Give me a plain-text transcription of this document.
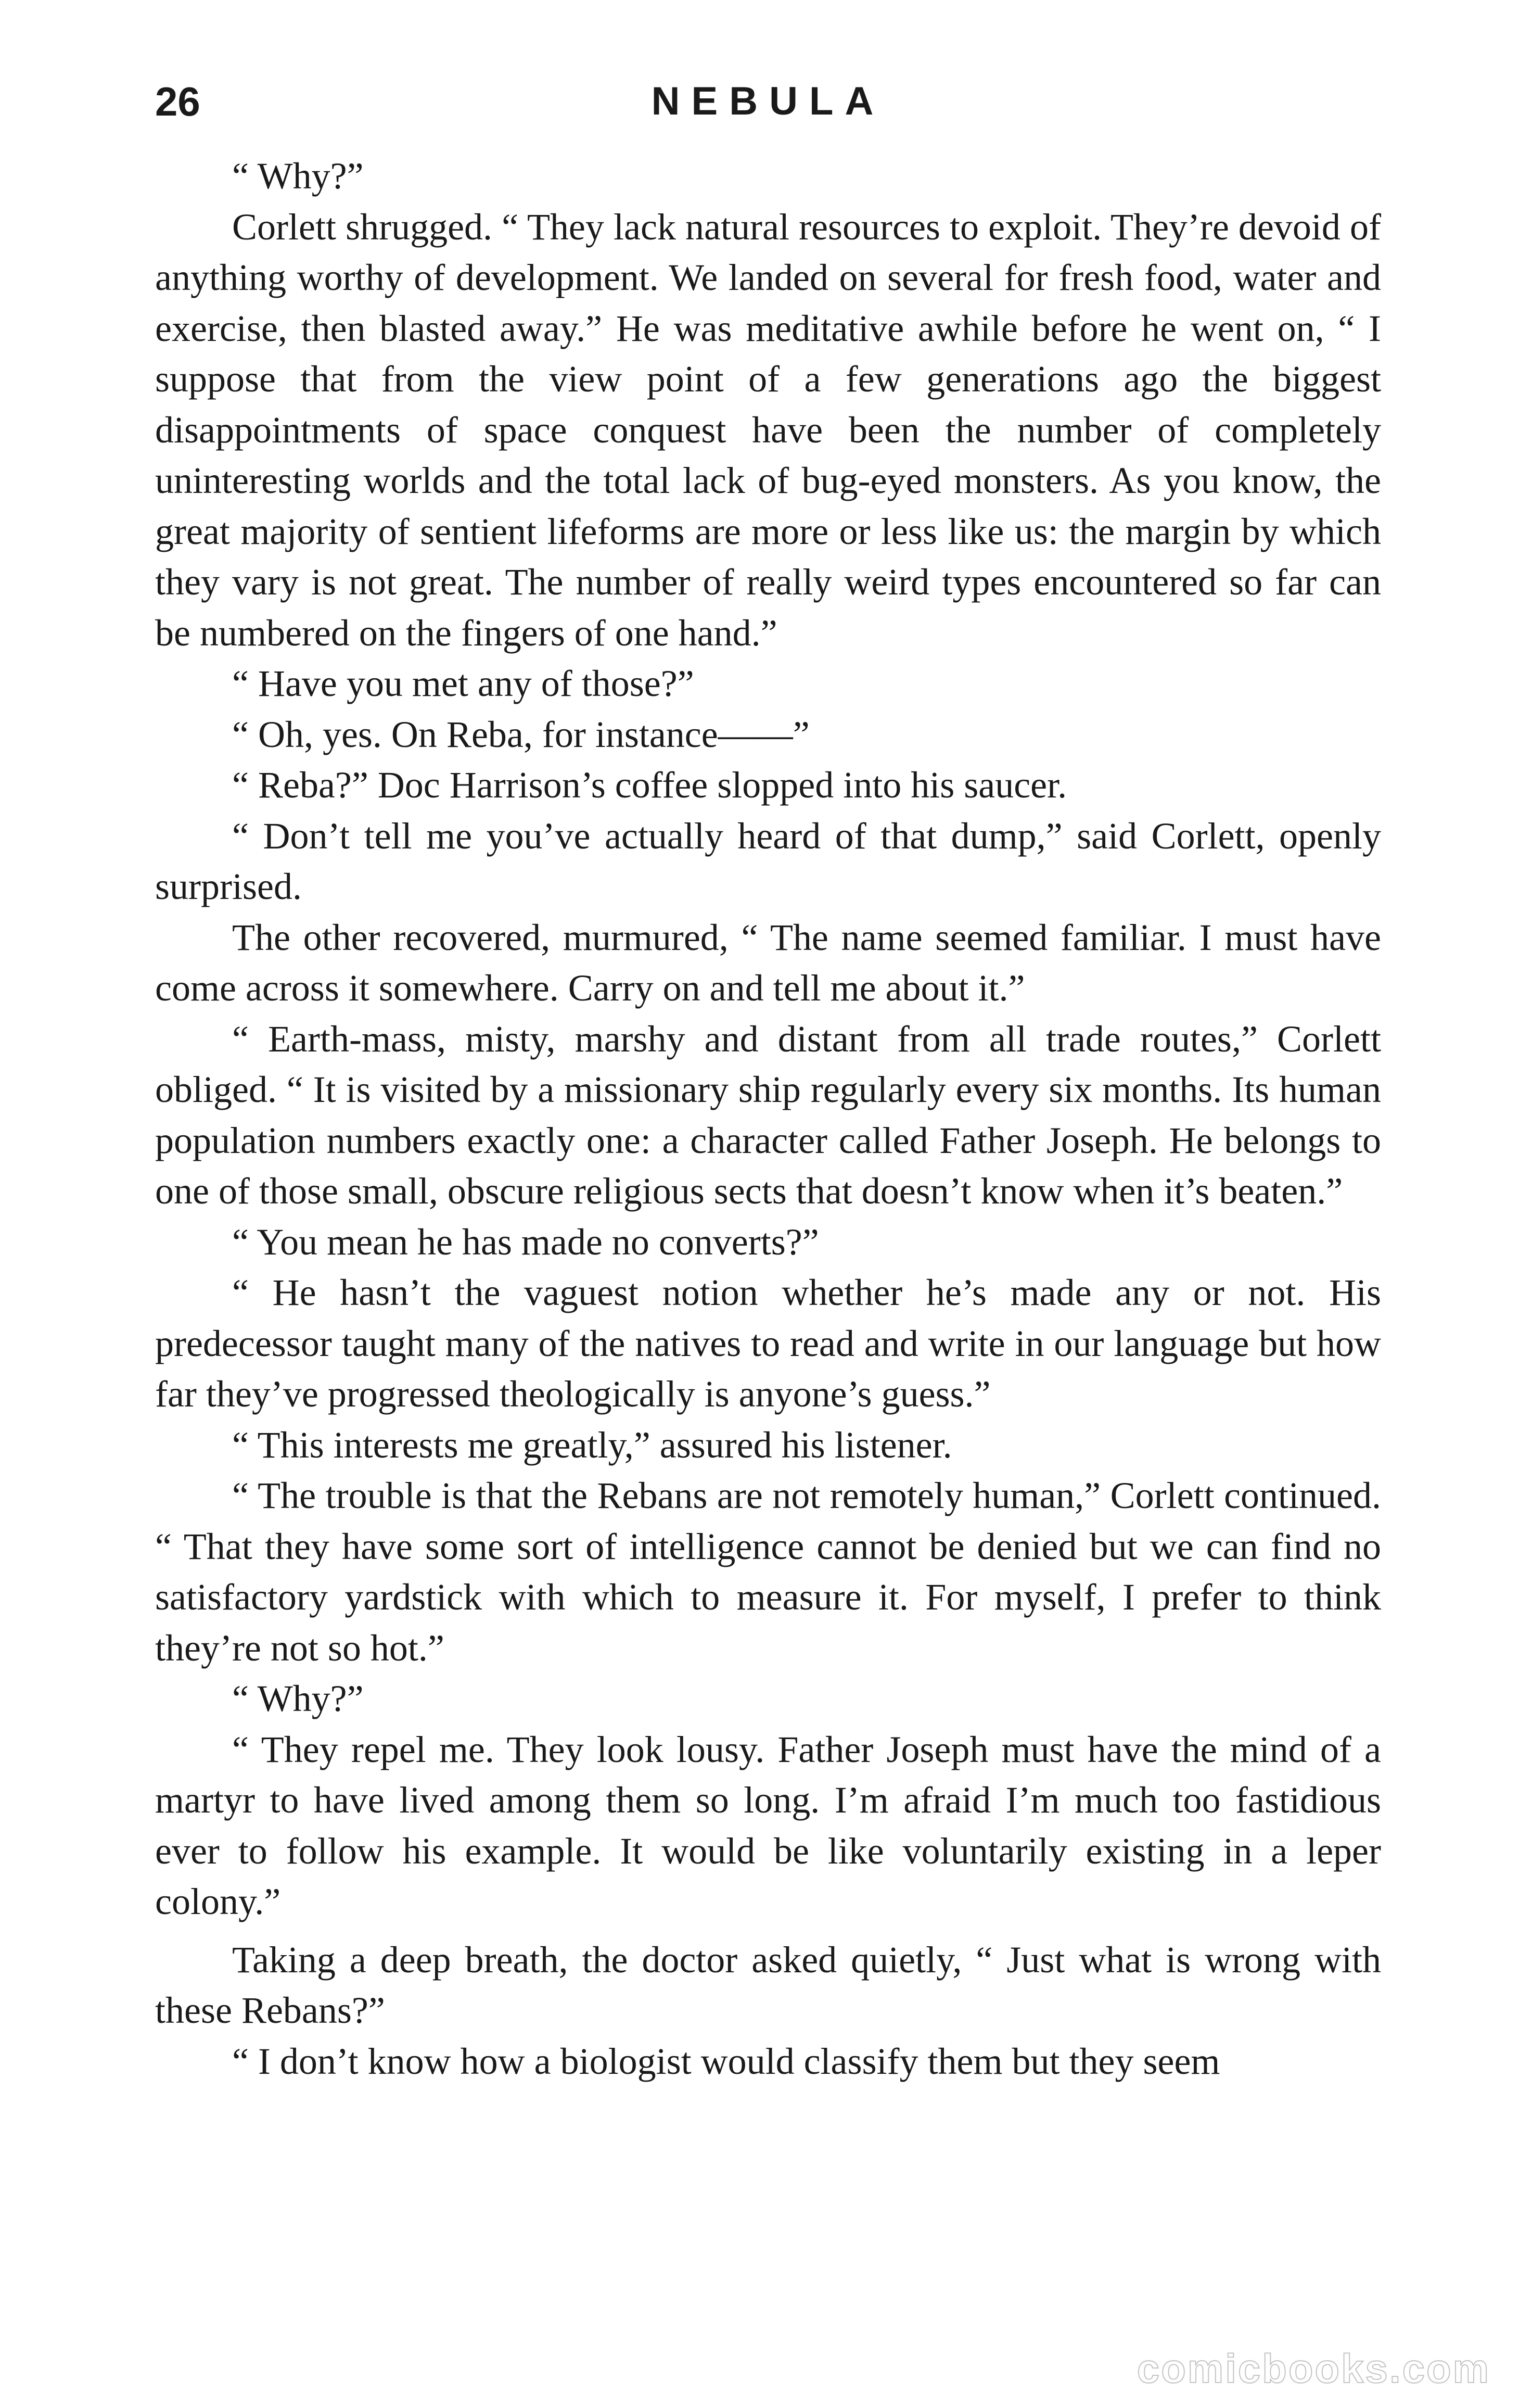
26	NEBULA

“ Why?”

Corlett shrugged. “ They lack natural resources to exploit. They’re devoid of anything worthy of development. We landed on several for fresh food, water and exercise, then blasted away.” He was meditative awhile before he went on, “ I suppose that from the view point of a few generations ago the biggest disappointments of space conquest have been the number of completely uninteresting worlds and the total lack of bug-eyed monsters. As you know, the great majority of sentient lifeforms are more or less like us: the margin by which they vary is not great. The number of really weird types encountered so far can be numbered on the fingers of one hand.”

“ Have you met any of those?”

“ Oh, yes. On Reba, for instance——”

“ Reba?” Doc Harrison’s coffee slopped into his saucer.

“ Don’t tell me you’ve actually heard of that dump,” said Corlett, openly surprised.

The other recovered, murmured, “ The name seemed familiar. I must have come across it somewhere. Carry on and tell me about it.”

“ Earth-mass, misty, marshy and distant from all trade routes,” Corlett obliged. “ It is visited by a missionary ship regularly every six months. Its human population numbers exactly one: a character called Father Joseph. He belongs to one of those small, obscure religious sects that doesn’t know when it’s beaten.”

“ You mean he has made no converts?”

“ He hasn’t the vaguest notion whether he’s made any or not. His predecessor taught many of the natives to read and write in our language but how far they’ve progressed theologically is anyone’s guess.”

“ This interests me greatly,” assured his listener.

“ The trouble is that the Rebans are not remotely human,” Corlett continued. “ That they have some sort of intelligence cannot be denied but we can find no satisfactory yardstick with which to measure it. For myself, I prefer to think they’re not so hot.”

“ Why?”

“ They repel me. They look lousy. Father Joseph must have the mind of a martyr to have lived among them so long. I’m afraid I’m much too fastidious ever to follow his example. It would be like voluntarily existing in a leper colony.”

Taking a deep breath, the doctor asked quietly, “ Just what is wrong with these Rebans?”

“ I don’t know how a biologist would classify them but they seem

comicbooks.com
